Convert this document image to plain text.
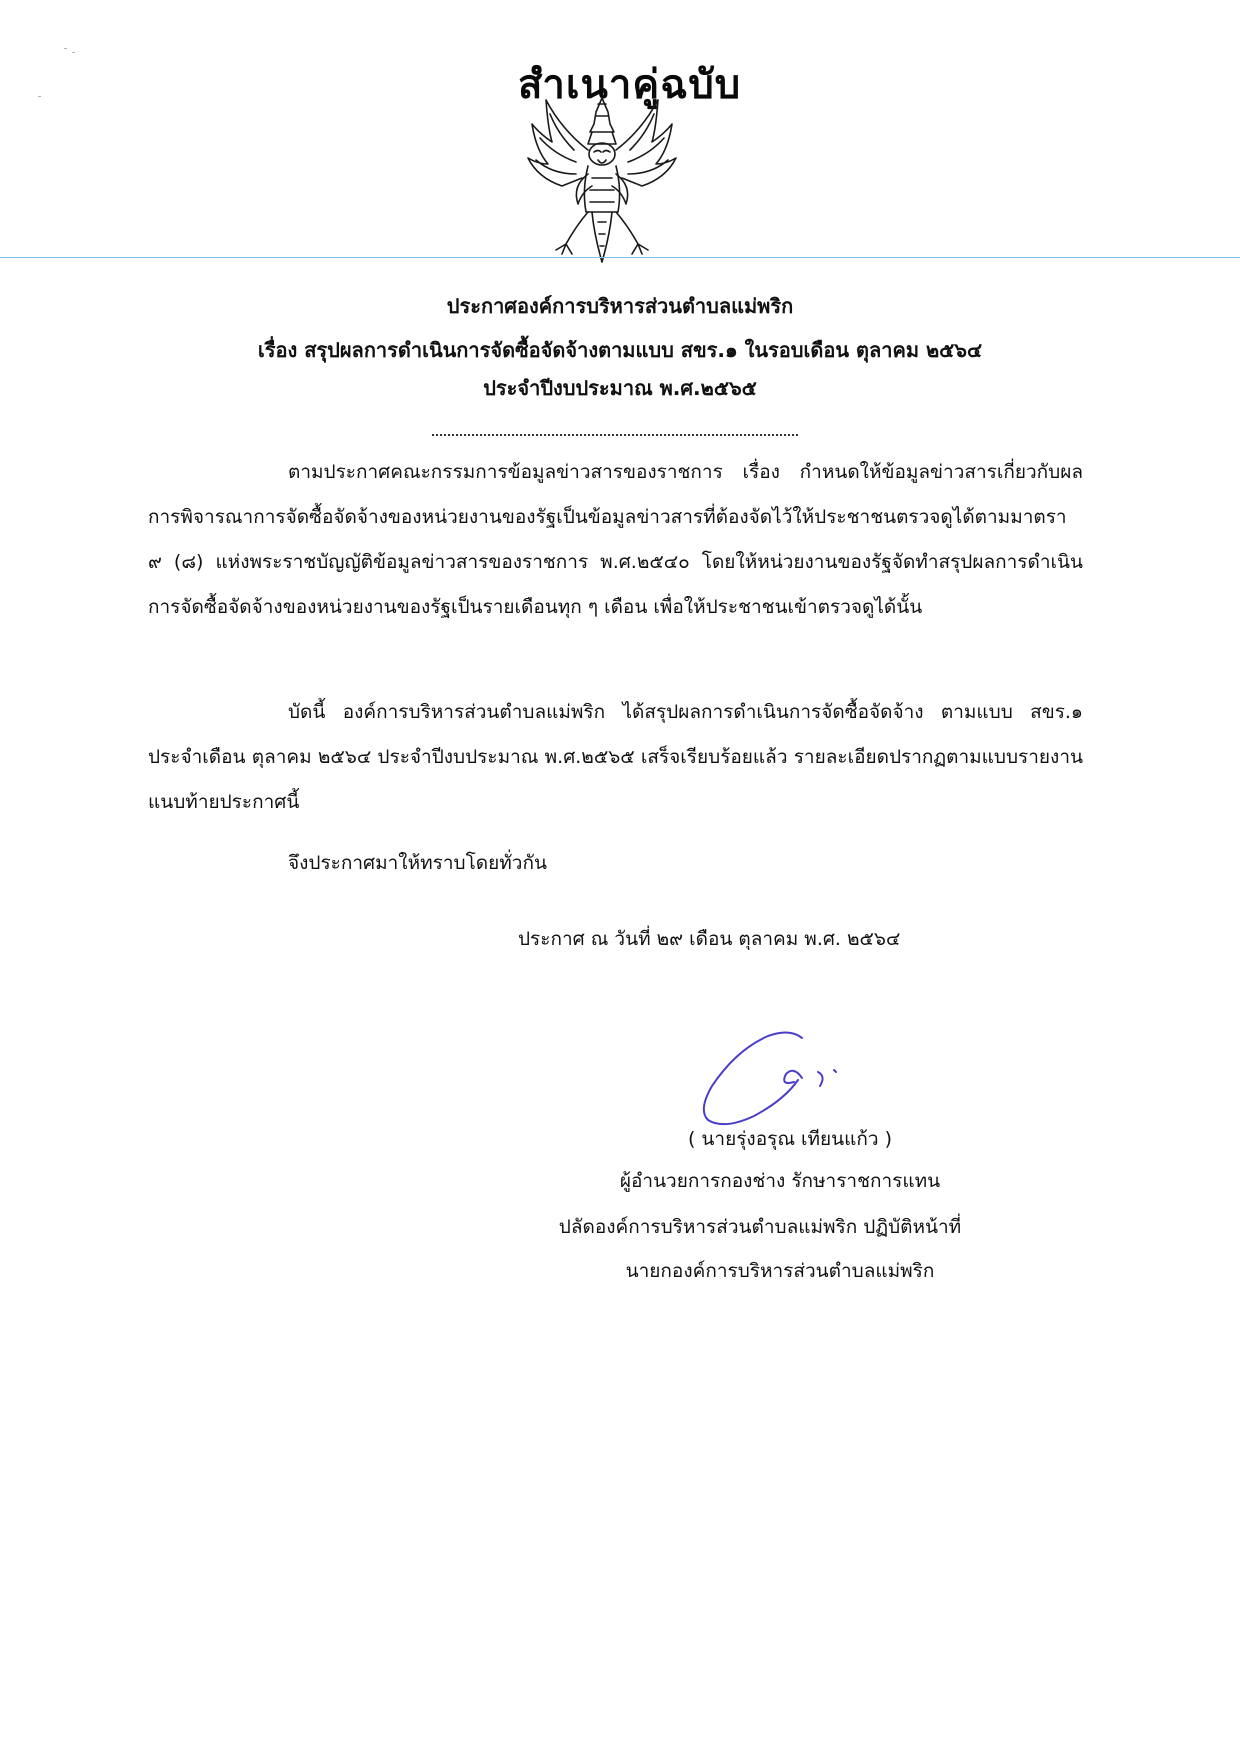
สำเนาคู่ฉบับ
ประกาศองค์การบริหารส่วนตำบลแม่พริก
เรื่อง สรุปผลการดำเนินการจัดซื้อจัดจ้างตามแบบ สขร.๑ ในรอบเดือน ตุลาคม ๒๕๖๔
ประจำปีงบประมาณ พ.ศ.๒๕๖๕

ตามประกาศคณะกรรมการข้อมูลข่าวสารของราชการ เรื่อง กำหนดให้ข้อมูลข่าวสารเกี่ยวกับผลการพิจารณาการจัดซื้อจัดจ้างของหน่วยงานของรัฐเป็นข้อมูลข่าวสารที่ต้องจัดไว้ให้ประชาชนตรวจดูได้ตามมาตรา ๙ (๘) แห่งพระราชบัญญัติข้อมูลข่าวสารของราชการ พ.ศ.๒๕๔๐ โดยให้หน่วยงานของรัฐจัดทำสรุปผลการดำเนินการจัดซื้อจัดจ้างของหน่วยงานของรัฐเป็นรายเดือนทุก ๆ เดือน เพื่อให้ประชาชนเข้าตรวจดูได้นั้น

บัดนี้ องค์การบริหารส่วนตำบลแม่พริก ได้สรุปผลการดำเนินการจัดซื้อจัดจ้าง ตามแบบ สขร.๑ ประจำเดือน ตุลาคม ๒๕๖๔ ประจำปีงบประมาณ พ.ศ.๒๕๖๕ เสร็จเรียบร้อยแล้ว รายละเอียดปรากฏตามแบบรายงานแนบท้ายประกาศนี้

จึงประกาศมาให้ทราบโดยทั่วกัน
ประกาศ ณ วันที่ ๒๙ เดือน ตุลาคม พ.ศ. ๒๕๖๔
( นายรุ่งอรุณ เทียนแก้ว )
ผู้อำนวยการกองช่าง รักษาราชการแทน
ปลัดองค์การบริหารส่วนตำบลแม่พริก ปฏิบัติหน้าที่
นายกองค์การบริหารส่วนตำบลแม่พริก
